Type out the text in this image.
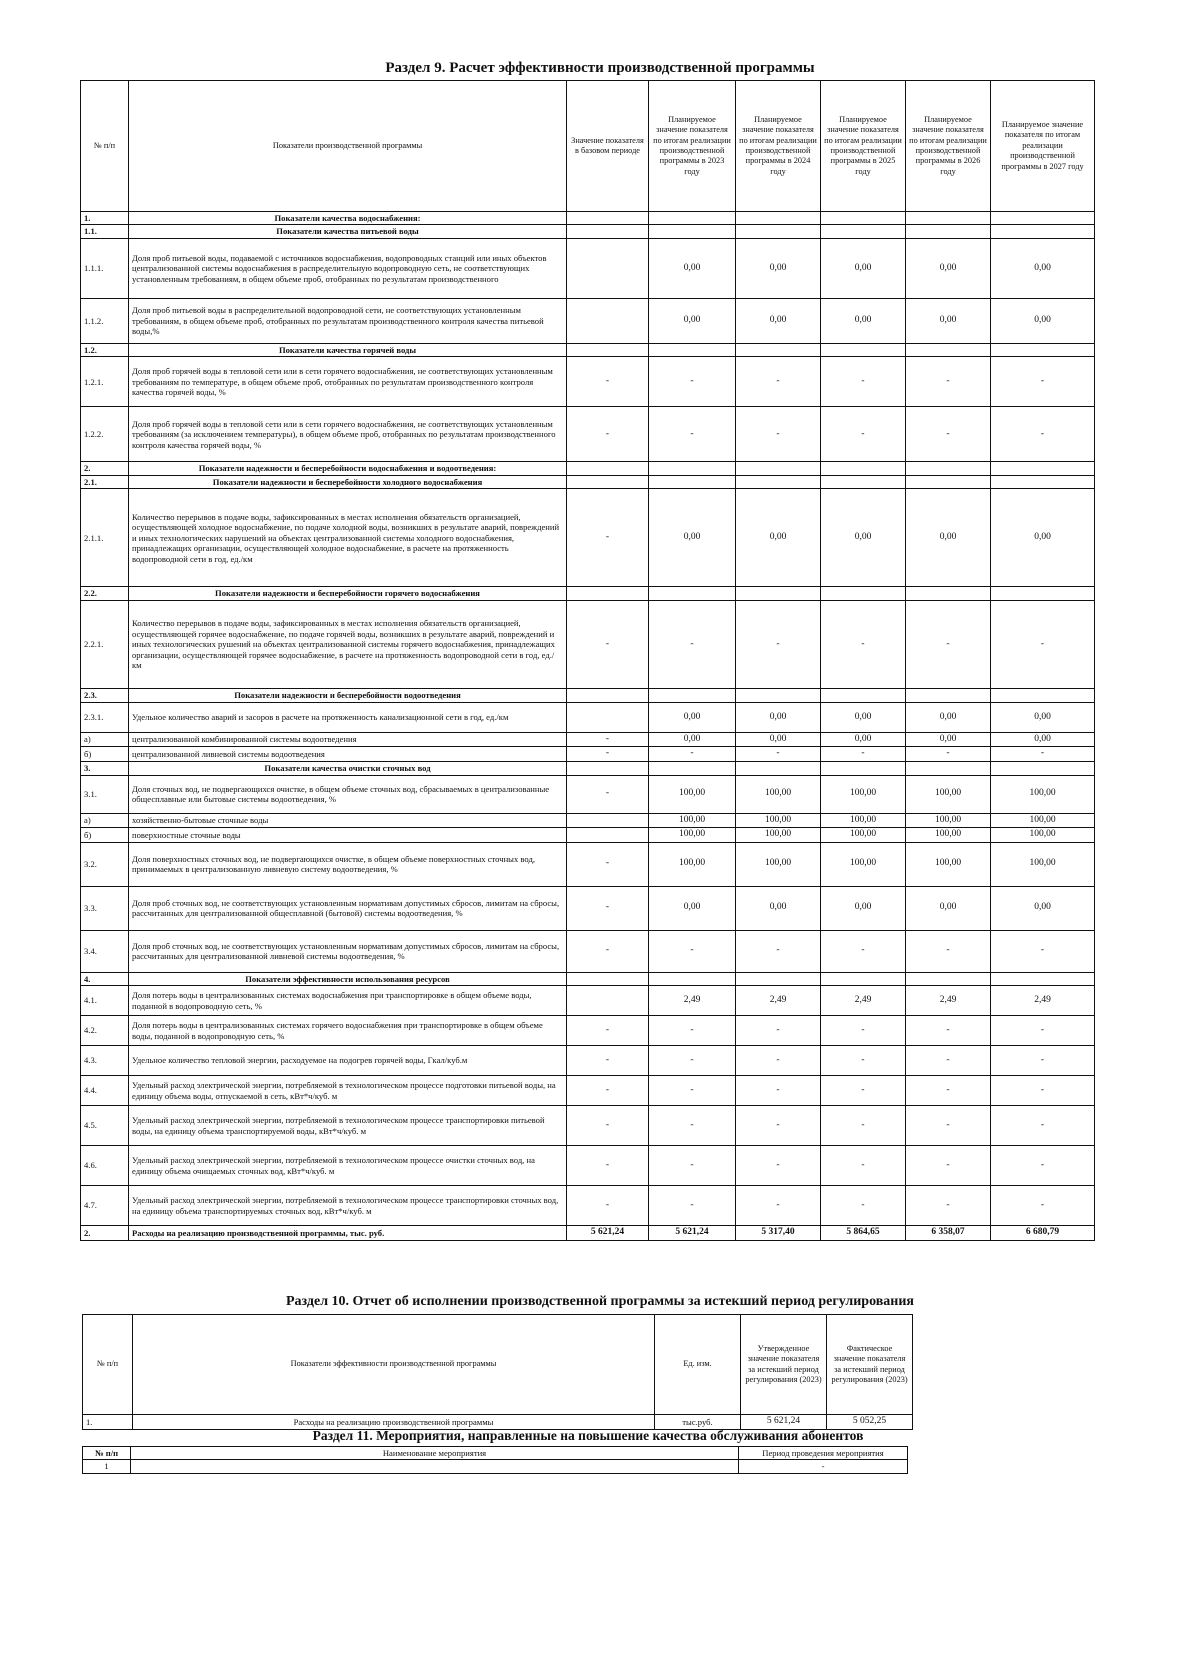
Раздел 9. Расчет эффективности производственной программы
№ п/п	Показатели производственной программы	Значение показателя в базовом периоде	Планируемое значение показателя по итогам реализации производственной программы в 2023 году	Планируемое значение показателя по итогам реализации производственной программы в 2024 году	Планируемое значение показателя по итогам реализации производственной программы в 2025 году	Планируемое значение показателя по итогам реализации производственной программы в 2026 году	Планируемое значение показателя по итогам реализации производственной программы в 2027 году
1.	Показатели качества водоснабжения:						
1.1.	Показатели качества питьевой воды						
1.1.1.	Доля проб питьевой воды, подаваемой с источников водоснабжения, водопроводных станций или иных объектов централизованной системы водоснабжения в распределительную водопроводную сеть, не соответствующих установленным требованиям, в общем объеме проб, отобранных по результатам производственного		0,00	0,00	0,00	0,00	0,00
1.1.2.	Доля проб питьевой воды в распределительной водопроводной сети, не соответствующих установленным требованиям, в общем объеме проб, отобранных по результатам производственного контроля качества питьевой воды,%		0,00	0,00	0,00	0,00	0,00
1.2.	Показатели качества горячей воды						
1.2.1.	Доля проб горячей воды в тепловой сети или в сети горячего водоснабжения, не соответствующих установленным требованиям по температуре, в общем объеме проб, отобранных по результатам производственного контроля качества горячей воды, %	-	-	-	-	-	-
1.2.2.	Доля проб горячей воды в тепловой сети или в сети горячего водоснабжения, не соответствующих установленным требованиям (за исключением температуры), в общем объеме проб, отобранных по результатам производственного контроля качества горячей воды, %	-	-	-	-	-	-
2.	Показатели надежности и бесперебойности водоснабжения и водоотведения:						
2.1.	Показатели надежности и бесперебойности холодного водоснабжения						
2.1.1.	Количество перерывов в подаче воды, зафиксированных в местах исполнения обязательств организацией, осуществляющей холодное водоснабжение, по подаче холодной воды, возникших в результате аварий, повреждений и иных технологических нарушений на объектах централизованной системы холодного водоснабжения, принадлежащих организации, осуществляющей холодное водоснабжение, в расчете на протяженность водопроводной сети в год, ед./км	-	0,00	0,00	0,00	0,00	0,00
2.2.	Показатели надежности и бесперебойности горячего водоснабжения						
2.2.1.	Количество перерывов в подаче воды, зафиксированных в местах исполнения обязательств организацией, осуществляющей горячее водоснабжение, по подаче горячей воды, возникших в результате аварий, повреждений и иных технологических рушений на объектах централизованной системы горячего водоснабжения, принадлежащих организации, осуществляющей горячее водоснабжение, в расчете на протяженность водопроводной сети в год, ед./км	-	-	-	-	-	-
2.3.	Показатели надежности и бесперебойности водоотведения						
2.3.1.	Удельное количество аварий и засоров в расчете на протяженность канализационной сети в год, ед./км		0,00	0,00	0,00	0,00	0,00
а)	централизованной комбинированной системы водоотведения	-	0,00	0,00	0,00	0,00	0,00
б)	централизованной ливневой системы водоотведения	-	-	-	-	-	-
3.	Показатели качества очистки сточных вод						
3.1.	Доля сточных вод, не подвергающихся очистке, в общем объеме сточных вод, сбрасываемых в централизованные общесплавные или бытовые системы водоотведения, %	-	100,00	100,00	100,00	100,00	100,00
а)	хозяйственно-бытовые сточные воды		100,00	100,00	100,00	100,00	100,00
б)	поверхностные сточные воды		100,00	100,00	100,00	100,00	100,00
3.2.	Доля поверхностных сточных вод, не подвергающихся очистке, в общем объеме поверхностных сточных вод, принимаемых в централизованную ливневую систему водоотведения, %	-	100,00	100,00	100,00	100,00	100,00
3.3.	Доля проб сточных вод, не соответствующих установленным нормативам допустимых сбросов, лимитам на сбросы, рассчитанных для централизованной общесплавной (бытовой) системы водоотведения, %	-	0,00	0,00	0,00	0,00	0,00
3.4.	Доля проб сточных вод, не соответствующих установленным нормативам допустимых сбросов, лимитам на сбросы, рассчитанных для централизованной ливневой системы водоотведения, %	-	-	-	-	-	-
4.	Показатели эффективности использования ресурсов						
4.1.	Доля потерь воды в централизованных системах водоснабжения при транспортировке в общем объеме воды, поданной в водопроводную сеть, %		2,49	2,49	2,49	2,49	2,49
4.2.	Доля потерь воды в централизованных системах горячего водоснабжения при транспортировке в общем объеме воды, поданной в водопроводную сеть, %	-	-	-	-	-	-
4.3.	Удельное количество тепловой энергии, расходуемое на подогрев горячей воды, Гкал/куб.м	-	-	-	-	-	-
4.4.	Удельный расход электрической энергии, потребляемой в технологическом процессе подготовки питьевой воды, на единицу объема воды, отпускаемой в сеть, кВт*ч/куб. м	-	-	-	-	-	-
4.5.	Удельный расход электрической энергии, потребляемой в технологическом процессе транспортировки питьевой воды, на единицу объема транспортируемой воды, кВт*ч/куб. м	-	-	-	-	-	-
4.6.	Удельный расход электрической энергии, потребляемой в технологическом процессе очистки сточных вод, на единицу объема очищаемых сточных вод, кВт*ч/куб. м	-	-	-	-	-	-
4.7.	Удельный расход электрической энергии, потребляемой в технологическом процессе транспортировки сточных вод, на единицу объема транспортируемых сточных вод, кВт*ч/куб. м	-	-	-	-	-	-
2.	Расходы на реализацию производственной программы, тыс. руб.	5 621,24	5 621,24	5 317,40	5 864,65	6 358,07	6 680,79
Раздел 10. Отчет об исполнении производственной программы за истекший период регулирования
№ п/п	Показатели эффективности производственной программы	Ед. изм.	Утвержденное значение показателя за истекший период регулирования (2023)	Фактическое значение показателя за истекший период регулирования (2023)
1.	Расходы на реализацию производственной программы	тыс.руб.	5 621,24	5 052,25
Раздел 11. Мероприятия, направленные на повышение качества обслуживания абонентов
№ п/п	Наименование мероприятия	Период проведения мероприятия
1		-
